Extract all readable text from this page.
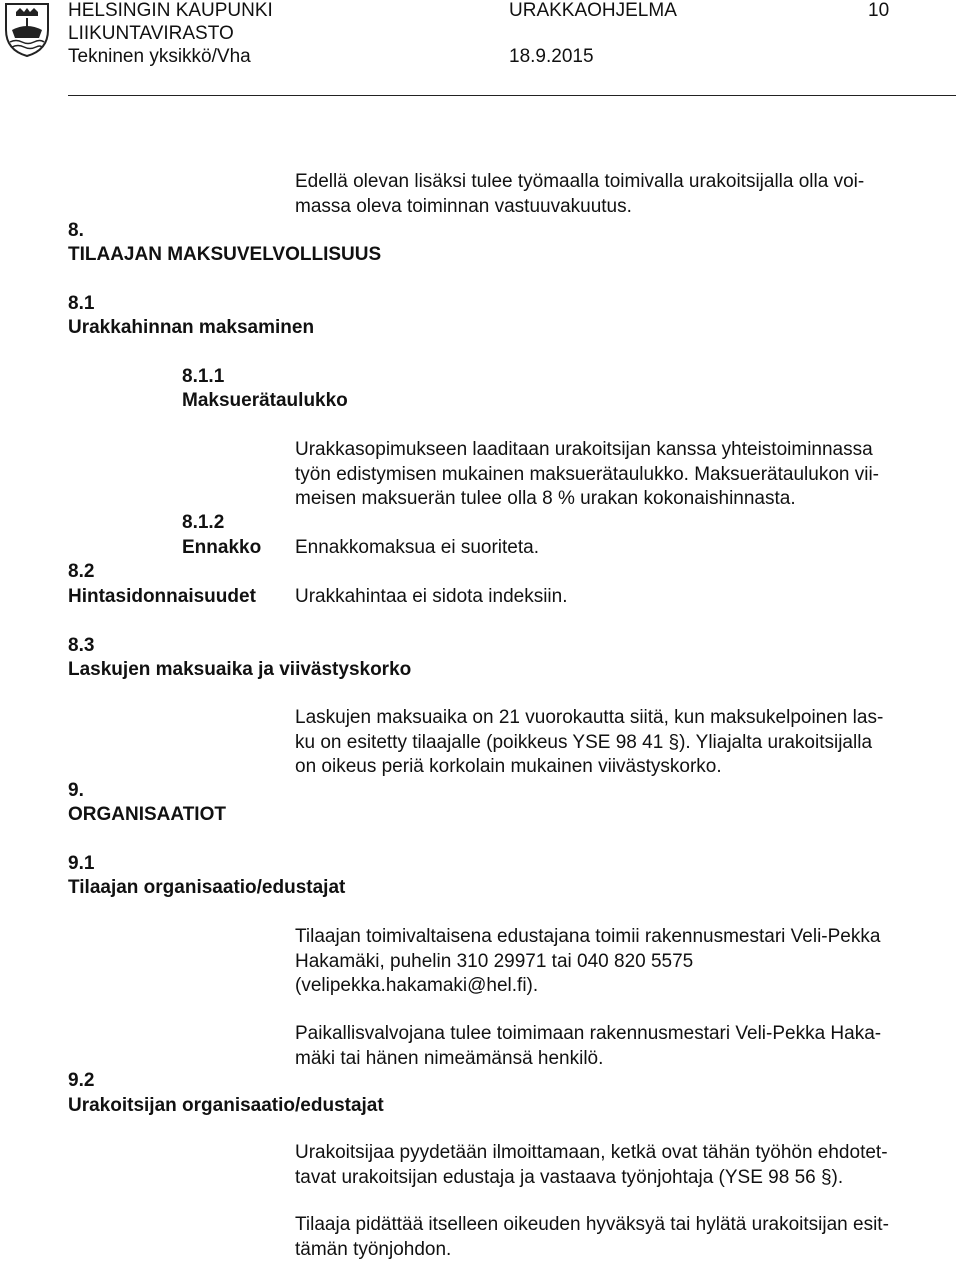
HELSINGIN KAUPUNKI
LIIKUNTAVIRASTO
Tekninen yksikkö/Vha
URAKKAOHJELMA	10
18.9.2015
Edellä olevan lisäksi tulee työmaalla toimivalla urakoitsijalla olla voi-
massa oleva toiminnan vastuuvakuutus.
8.
TILAAJAN MAKSUVELVOLLISUUS
8.1
Urakkahinnan maksaminen
8.1.1
Maksuerätaulukko
Urakkasopimukseen laaditaan urakoitsijan kanssa yhteistoiminnassa
työn edistymisen mukainen maksuerätaulukko. Maksuerätaulukon vii-
meisen maksuerän tulee olla 8 % urakan kokonaishinnasta.
8.1.2
Ennakko Ennakkomaksua ei suoriteta.
8.2
Hintasidonnaisuudet Urakkahintaa ei sidota indeksiin.
8.3
Laskujen maksuaika ja viivästyskorko
Laskujen maksuaika on 21 vuorokautta siitä, kun maksukelpoinen las-
ku on esitetty tilaajalle (poikkeus YSE 98 41 §). Yliajalta urakoitsijalla
on oikeus periä korkolain mukainen viivästyskorko.
9.
ORGANISAATIOT
9.1
Tilaajan organisaatio/edustajat
Tilaajan toimivaltaisena edustajana toimii rakennusmestari Veli-Pekka
Hakamäki, puhelin 310 29971 tai 040 820 5575
(velipekka.hakamaki@hel.fi).
Paikallisvalvojana tulee toimimaan rakennusmestari Veli-Pekka Haka-
mäki tai hänen nimeämänsä henkilö.
9.2
Urakoitsijan organisaatio/edustajat
Urakoitsijaa pyydetään ilmoittamaan, ketkä ovat tähän työhön ehdotet-
tavat urakoitsijan edustaja ja vastaava työnjohtaja (YSE 98 56 §).
Tilaaja pidättää itselleen oikeuden hyväksyä tai hylätä urakoitsijan esit-
tämän työnjohdon.
